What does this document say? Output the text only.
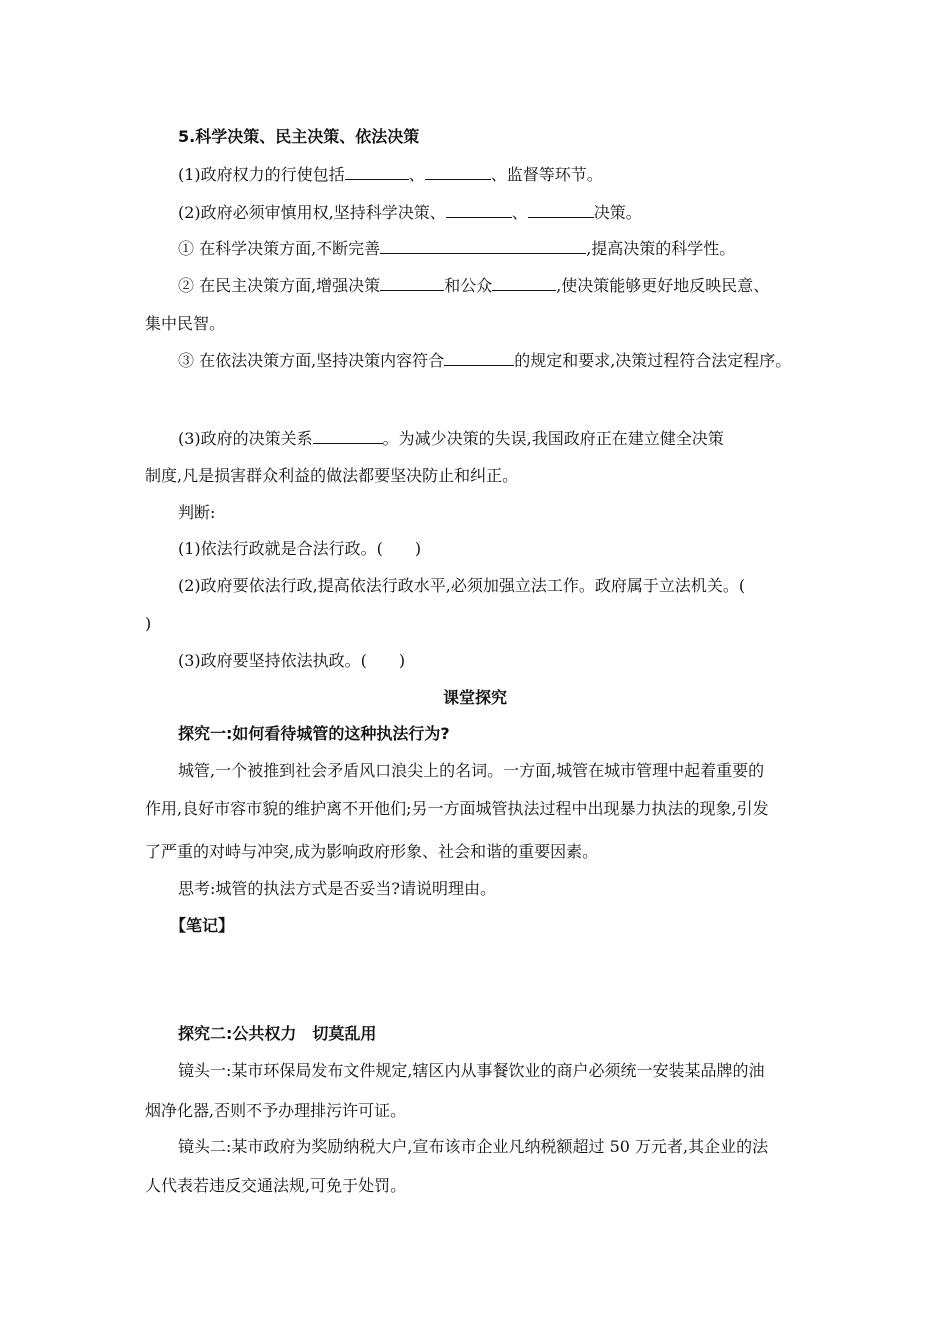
5.科学决策、民主决策、依法决策
(1)政府权力的行使包括	、	、监督等环节。
(2)政府必须审慎用权,坚持科学决策、	、	决策。
① 在科学决策方面,不断完善	,提高决策的科学性。
② 在民主决策方面,增强决策	和公众	,使决策能够更好地反映民意、
集中民智。
③ 在依法决策方面,坚持决策内容符合	的规定和要求,决策过程符合法定程序。
(3)政府的决策关系	。为减少决策的失误,我国政府正在建立健全决策
制度,凡是损害群众利益的做法都要坚决防止和纠正。
判断:
(1)依法行政就是合法行政。(　　)
(2)政府要依法行政,提高依法行政水平,必须加强立法工作。政府属于立法机关。(
)
(3)政府要坚持依法执政。(　　)
课堂探究
探究一:如何看待城管的这种执法行为?
城管,一个被推到社会矛盾风口浪尖上的名词。一方面,城管在城市管理中起着重要的
作用,良好市容市貌的维护离不开他们;另一方面城管执法过程中出现暴力执法的现象,引发
了严重的对峙与冲突,成为影响政府形象、社会和谐的重要因素。
思考:城管的执法方式是否妥当?请说明理由。
【笔记】
探究二:公共权力　切莫乱用
镜头一:某市环保局发布文件规定,辖区内从事餐饮业的商户必须统一安装某品牌的油
烟净化器,否则不予办理排污许可证。
镜头二:某市政府为奖励纳税大户,宣布该市企业凡纳税额超过 50 万元者,其企业的法
人代表若违反交通法规,可免于处罚。
